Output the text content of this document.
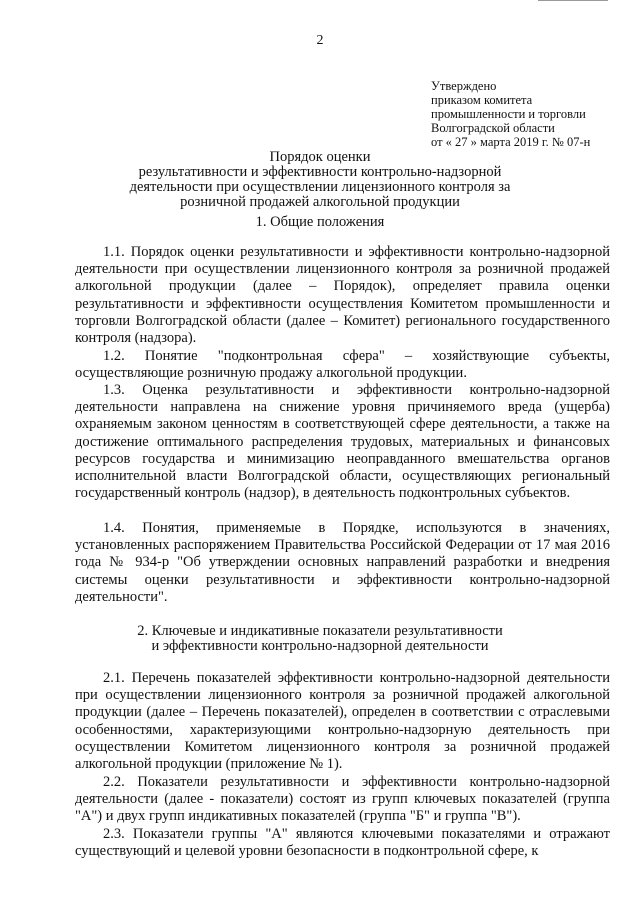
2
Утверждено
приказом комитета
промышленности и торговли
Волгоградской области
от « 27 » марта 2019 г. № 07-н
Порядок оценки
результативности и эффективности контрольно-надзорной деятельности при осуществлении лицензионного контроля за розничной продажей алкогольной продукции
1. Общие положения

1.1. Порядок оценки результативности и эффективности контрольно-надзорной деятельности при осуществлении лицензионного контроля за розничной продажей алкогольной продукции (далее – Порядок), определяет правила оценки результативности и эффективности осуществления Комитетом промышленности и торговли Волгоградской области (далее – Комитет) регионального государственного контроля (надзора).

1.2. Понятие "подконтрольная сфера" – хозяйствующие субъекты, осуществляющие розничную продажу алкогольной продукции.

1.3. Оценка результативности и эффективности контрольно-надзорной деятельности направлена на снижение уровня причиняемого вреда (ущерба) охраняемым законом ценностям в соответствующей сфере деятельности, а также на достижение оптимального распределения трудовых, материальных и финансовых ресурсов государства и минимизацию неоправданного вмешательства органов исполнительной власти Волгоградской области, осуществляющих региональный государственный контроль (надзор), в деятельность подконтрольных субъектов.

1.4. Понятия, применяемые в Порядке, используются в значениях, установленных распоряжением Правительства Российской Федерации от 17 мая 2016 года № 934-р "Об утверждении основных направлений разработки и внедрения системы оценки результативности и эффективности контрольно-надзорной деятельности".

2. Ключевые и индикативные показатели результативности
и эффективности контрольно-надзорной деятельности

2.1. Перечень показателей эффективности контрольно-надзорной деятельности при осуществлении лицензионного контроля за розничной продажей алкогольной продукции (далее – Перечень показателей), определен в соответствии с отраслевыми особенностями, характеризующими контрольно-надзорную деятельность при осуществлении Комитетом лицензионного контроля за розничной продажей алкогольной продукции (приложение № 1).

2.2. Показатели результативности и эффективности контрольно-надзорной деятельности (далее - показатели) состоят из групп ключевых показателей (группа "А") и двух групп индикативных показателей (группа "Б" и группа "В").

2.3. Показатели группы "А" являются ключевыми показателями и отражают существующий и целевой уровни безопасности в подконтрольной сфере, к
